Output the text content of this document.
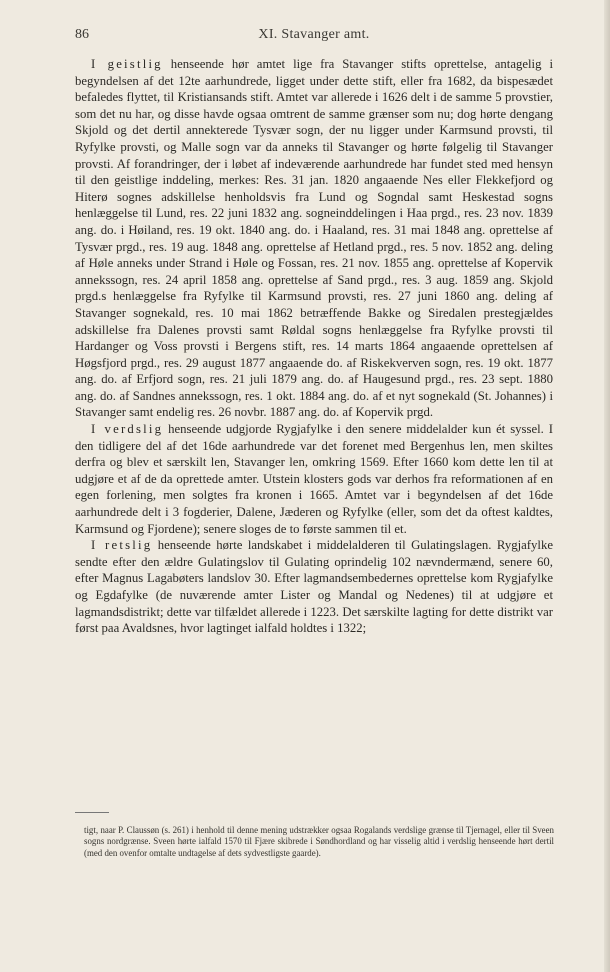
86	XI. Stavanger amt.

I geistlig henseende hør amtet lige fra Stavanger stifts oprettelse, antagelig i begyndelsen af det 12te aarhundrede, ligget under dette stift, eller fra 1682, da bispesædet befaledes flyttet, til Kristiansands stift. Amtet var allerede i 1626 delt i de samme 5 provstier, som det nu har, og disse havde ogsaa omtrent de samme grænser som nu; dog hørte dengang Skjold og det dertil annekterede Tysvær sogn, der nu ligger under Karmsund provsti, til Ryfylke provsti, og Malle sogn var da anneks til Stavanger og hørte følgelig til Stavanger provsti. Af forandringer, der i løbet af indeværende aarhundrede har fundet sted med hensyn til den geistlige inddeling, merkes: Res. 31 jan. 1820 angaaende Nes eller Flekkefjord og Hiterø sognes adskillelse henholdsvis fra Lund og Sogndal samt Heskestad sogns henlæggelse til Lund, res. 22 juni 1832 ang. sogneinddelingen i Haa prgd., res. 23 nov. 1839 ang. do. i Høiland, res. 19 okt. 1840 ang. do. i Haaland, res. 31 mai 1848 ang. oprettelse af Tysvær prgd., res. 19 aug. 1848 ang. oprettelse af Hetland prgd., res. 5 nov. 1852 ang. deling af Høle anneks under Strand i Høle og Fossan, res. 21 nov. 1855 ang. oprettelse af Kopervik annekssogn, res. 24 april 1858 ang. oprettelse af Sand prgd., res. 3 aug. 1859 ang. Skjold prgd.s henlæggelse fra Ryfylke til Karmsund provsti, res. 27 juni 1860 ang. deling af Stavanger sognekald, res. 10 mai 1862 betræffende Bakke og Siredalen prestegjældes adskillelse fra Dalenes provsti samt Røldal sogns henlæggelse fra Ryfylke provsti til Hardanger og Voss provsti i Bergens stift, res. 14 marts 1864 angaaende oprettelsen af Høgsfjord prgd., res. 29 august 1877 angaaende do. af Riskekverven sogn, res. 19 okt. 1877 ang. do. af Erfjord sogn, res. 21 juli 1879 ang. do. af Haugesund prgd., res. 23 sept. 1880 ang. do. af Sandnes annekssogn, res. 1 okt. 1884 ang. do. af et nyt sognekald (St. Johannes) i Stavanger samt endelig res. 26 novbr. 1887 ang. do. af Kopervik prgd.

I verdslig henseende udgjorde Rygjafylke i den senere middelalder kun ét syssel. I den tidligere del af det 16de aarhundrede var det forenet med Bergenhus len, men skiltes derfra og blev et særskilt len, Stavanger len, omkring 1569. Efter 1660 kom dette len til at udgjøre et af de da oprettede amter. Utstein klosters gods var derhos fra reformationen af en egen forlening, men solgtes fra kronen i 1665. Amtet var i begyndelsen af det 16de aarhundrede delt i 3 fogderier, Dalene, Jæderen og Ryfylke (eller, som det da oftest kaldtes, Karmsund og Fjordene); senere sloges de to første sammen til et.

I retslig henseende hørte landskabet i middelalderen til Gulatingslagen. Rygjafylke sendte efter den ældre Gulatingslov til Gulating oprindelig 102 nævndermænd, senere 60, efter Magnus Lagabøters landslov 30. Efter lagmandsembedernes oprettelse kom Rygjafylke og Egdafylke (de nuværende amter Lister og Mandal og Nedenes) til at udgjøre et lagmandsdistrikt; dette var tilfældet allerede i 1223. Det særskilte lagting for dette distrikt var først paa Avaldsnes, hvor lagtinget ialfald holdtes i 1322;

tigt, naar P. Claussøn (s. 261) i henhold til denne mening udstrækker ogsaa Rogalands verdslige grænse til Tjernagel, eller til Sveen sogns nordgrænse. Sveen hørte ialfald 1570 til Fjære skibrede i Søndhordland og har visselig altid i verdslig henseende hørt dertil (med den ovenfor omtalte undtagelse af dets sydvestligste gaarde).
